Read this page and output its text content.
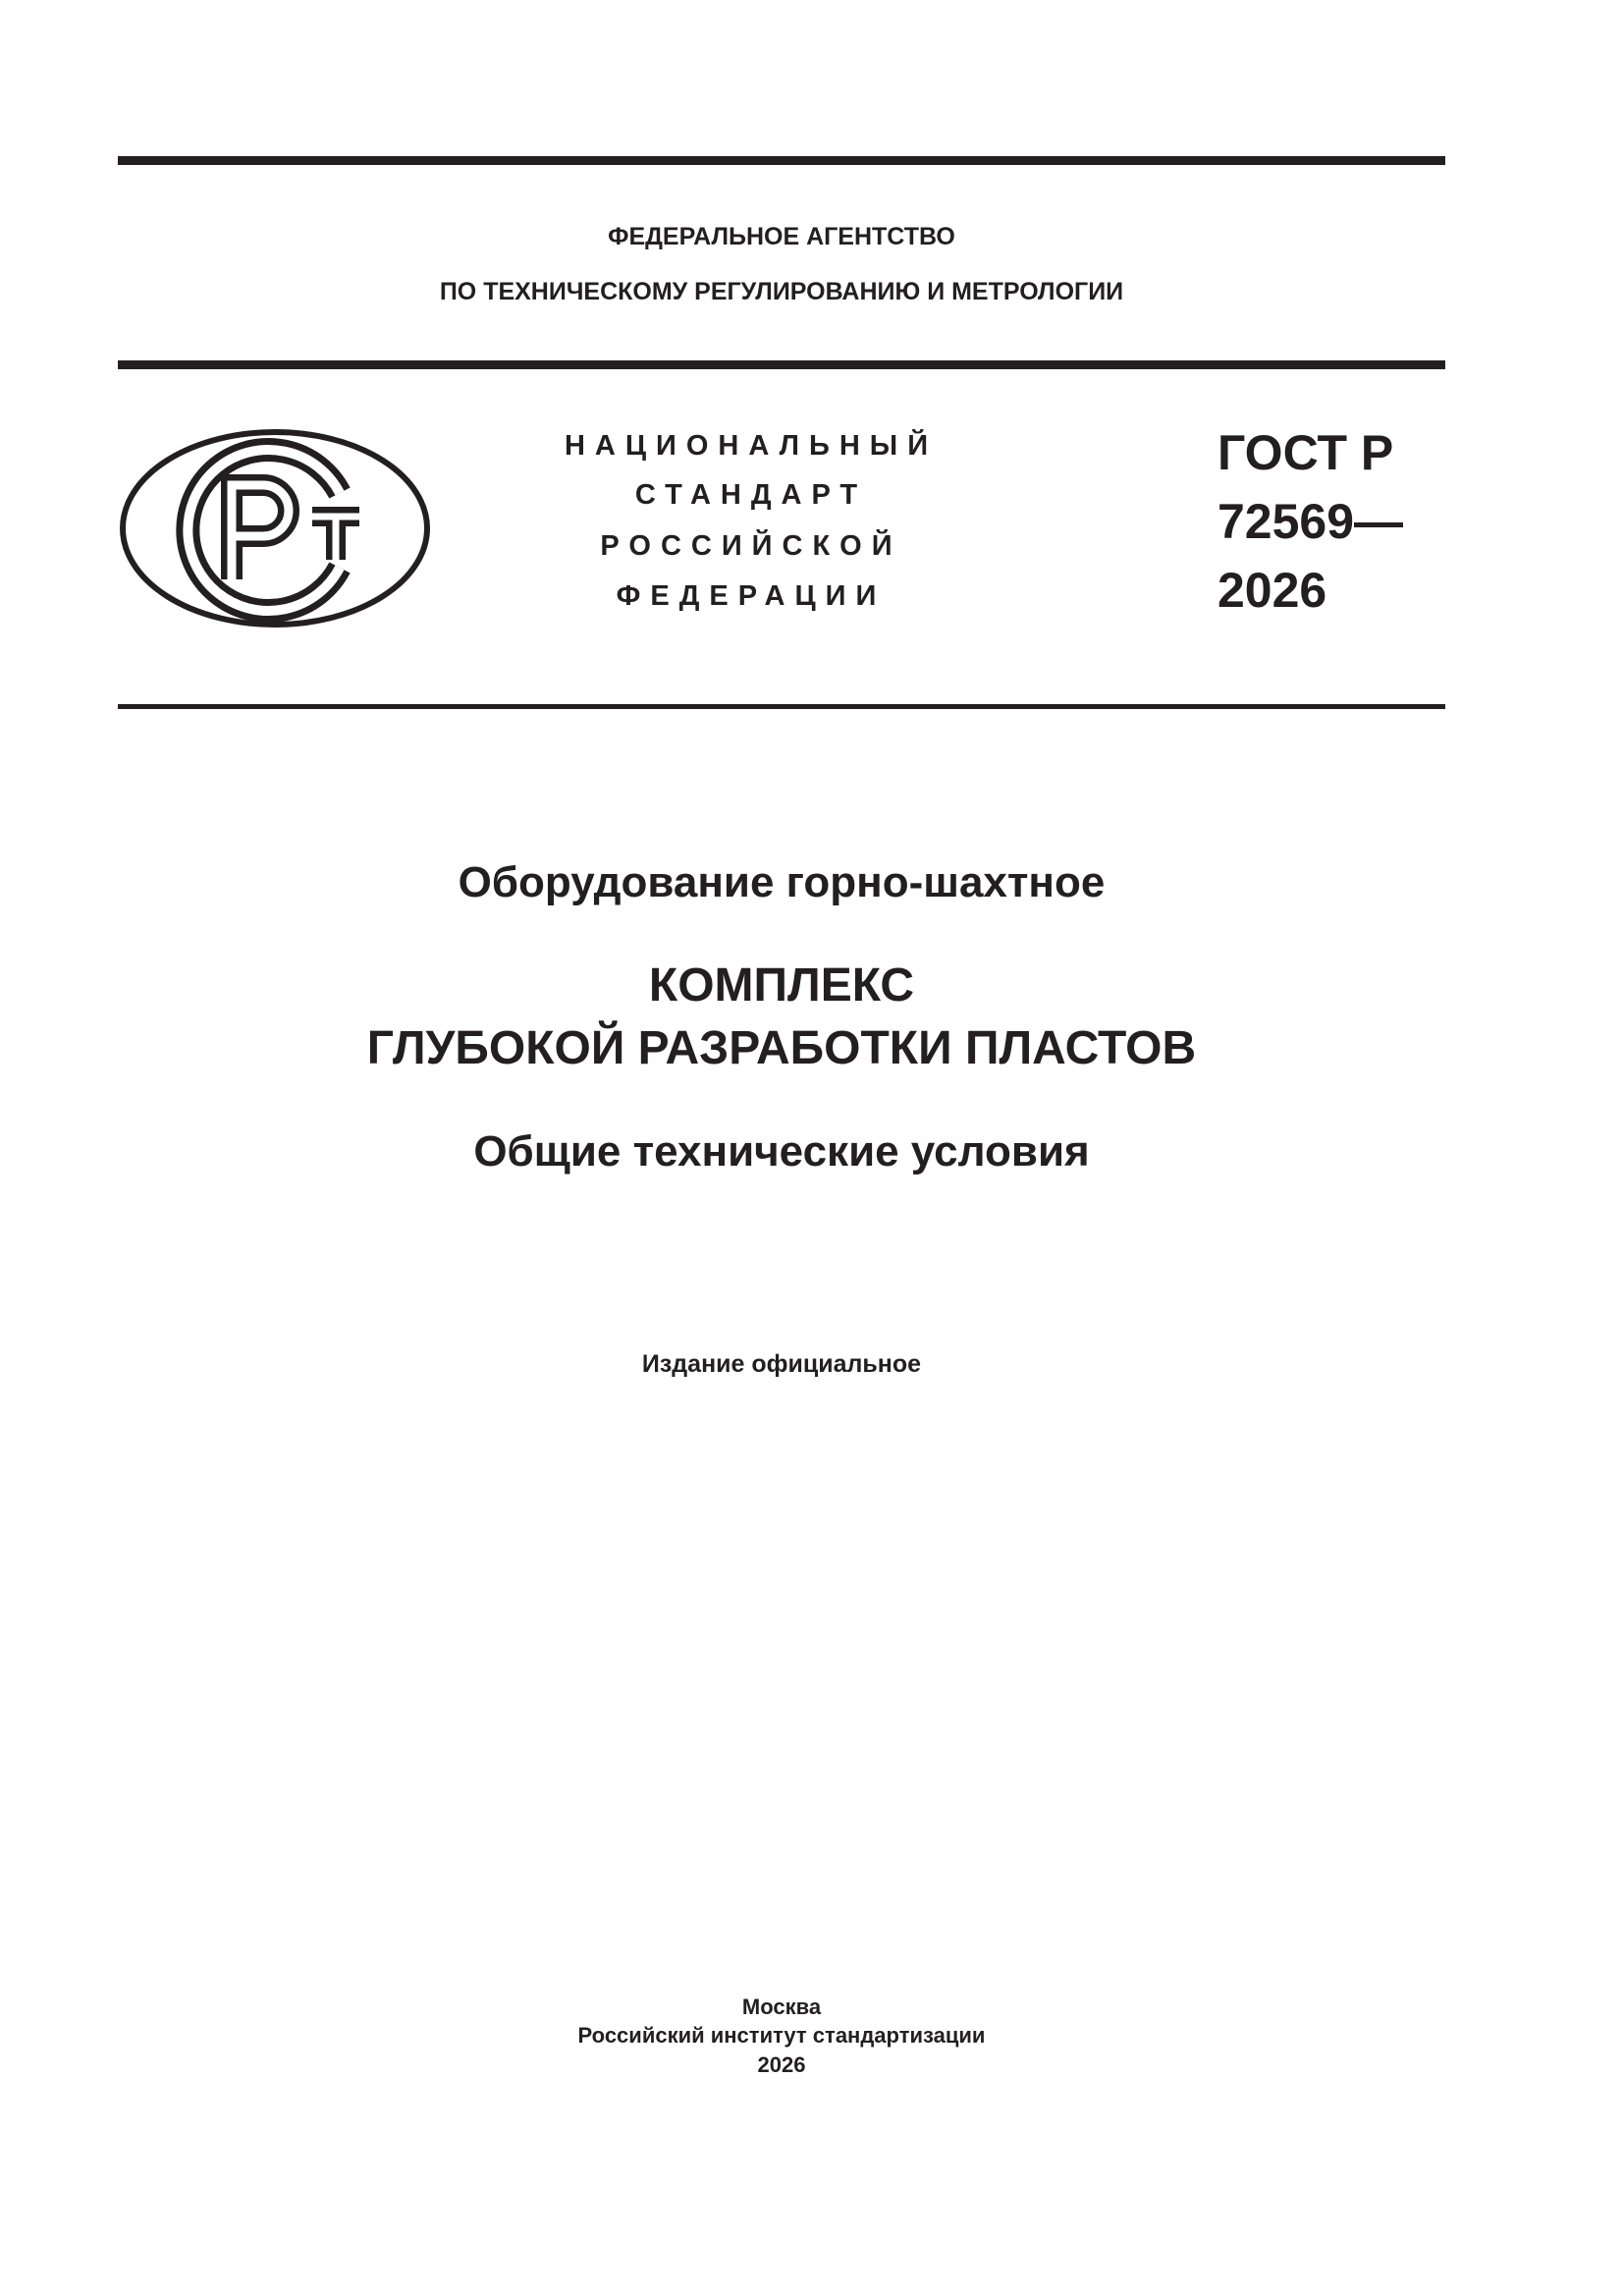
ФЕДЕРАЛЬНОЕ АГЕНТСТВО
ПО ТЕХНИЧЕСКОМУ РЕГУЛИРОВАНИЮ И МЕТРОЛОГИИ
НАЦИОНАЛЬНЫЙ
СТАНДАРТ
РОССИЙСКОЙ
ФЕДЕРАЦИИ
ГОСТ Р
72569—
2026
Оборудование горно-шахтное
КОМПЛЕКС
ГЛУБОКОЙ РАЗРАБОТКИ ПЛАСТОВ
Общие технические условия
Издание официальное
Москва
Российский институт стандартизации
2026
